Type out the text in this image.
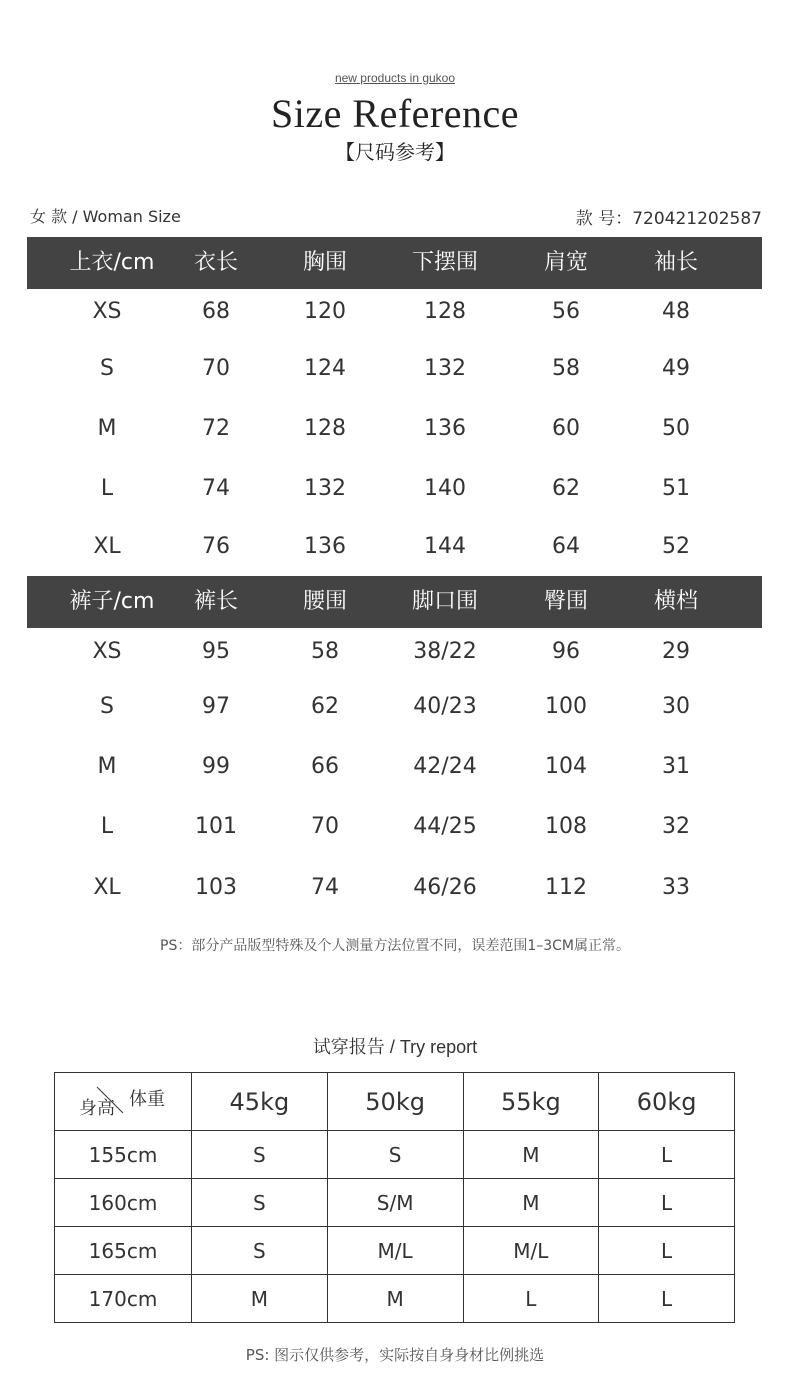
new products in gukoo
Size Reference
【尺码参考】
女 款 / Woman Size	款 号：720421202587
上衣/cm 衣长	胸围	下摆围	肩宽	袖长
XS	68	120	128	56	48
S	70	124	132	58	49
M	72	128	136	60	50
L	74	132	140	62	51
XL	76	136	144	64	52
裤子/cm 裤长	腰围	脚口围	臀围	横档
XS	95	58	38/22	96	29
S	97	62	40/23	100	30
M	99	66	42/24	104	31
L	101	70	44/25	108	32
XL	103	74	46/26	112	33
PS：部分产品版型特殊及个人测量方法位置不同，误差范围1–3CM属正常。
试穿报告 / Try report
身高 体重	45kg	50kg	55kg	60kg
155cm	S	S	M	L
160cm	S	S/M	M	L
165cm	S	M/L	M/L	L
170cm	M	M	L	L
PS: 图示仅供参考，实际按自身身材比例挑选
